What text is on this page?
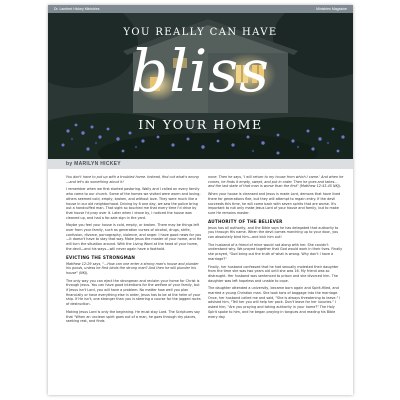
Dr. Lambert Hickey Ministries	Ministries Magazine
YOU REALLY CAN HAVE
bliss
IN YOUR HOME
by MARILYN HICKEY

You don't have to put up with a troubled home. Instead, find out what's wrong—and let's do something about it!

I remember when we first started pastoring. Wally and I called on every family who came to our church. Some of the homes we visited were warm and loving; others seemed cold, empty, broken, and without love. They were much like a house in our old neighborhood. Driving by it one day, we saw the police bring out a handcuffed man. That sight so touched me that every time I'd drive by that house I'd pray over it. Later when I drove by, I noticed the house was cleaned up, and had a for-sale sign in the yard.

Maybe you feel your house is cold, empty, or broken. There may be things left over from your family, such as generation curses of alcohol, drugs, strife, confusion, divorce, pornography, violence, and anger. I have good news for you—it doesn't have to stay that way. Make Jesus the master of your home, and He will turn the situation around. With the Living Word at the head of your home, the devil—and his ways—will never again have a foothold.

EVICTING THE STRONGMAN

Matthew 12:29 says, "…How can one enter a strong man's house and plunder his goods, unless he first binds the strong man? And then he will plunder his house" (NKJ).

The only way you can eject the strongman and reclaim your home for Christ is through Jesus. You can have good intentions for the welfare of your family, but if Jesus isn't Lord, you will have a problem. No matter how well you plan financially or have everything else in order, Jesus has to be at the helm of your ship. If He isn't, one stronger than you is steering a course for the jagged rocks of destruction.

Making Jesus Lord is only the beginning. He must stay Lord. The Scriptures say that "When an unclean spirit goes out of a man, he goes through dry places, seeking rest, and finds

none. Then he says, 'I will return to my house from which I came.' And when he comes, he finds it empty, swept, and put in order. Then he goes and takes… and the last state of that man is worse than the first" (Matthew 12:43-45 NKJ).

When your house is cleansed and Jesus is made Lord, demons that have lived there for generations flee, but they will attempt to regain entry. If the devil succeeds this time, he will come back with seven spirits that are worse. It's important to not only make Jesus Lord of your house and family, but to make sure He remains master.

AUTHORITY OF THE BELIEVER

Jesus has all authority, and the Bible says he has delegated that authority to you through His name. When the devil comes marching up to your door, you can absolutely bind him—and kick him out!

The husband of a friend of mine would not along with her. She couldn't understand why. We prayed together that God would work in their lives. Finally she prayed, "God bring out the truth of what is wrong. Why don't I have a marriage?"

Finally, her husband confessed that he had sexually molested their daughter from the time she was two years old until she was 16. My friend was so distraught. Her husband was sentenced to prison and she divorced him. The daughter was left hopeless and unable to cope.

The daughter attended a university, became born again and Spirit-filled, and married a young Christian man. She took tons of baggage into the marriage. Once, her husband called me and said, "She is always threatening to leave." I advised him, "Tell her you will help her pack. Don't leave for her luxuries." I asked him, "Are you praying and taking authority in your home?" The Holy Spirit spoke to him, and he began praying in tongues and reading his Bible every day.
